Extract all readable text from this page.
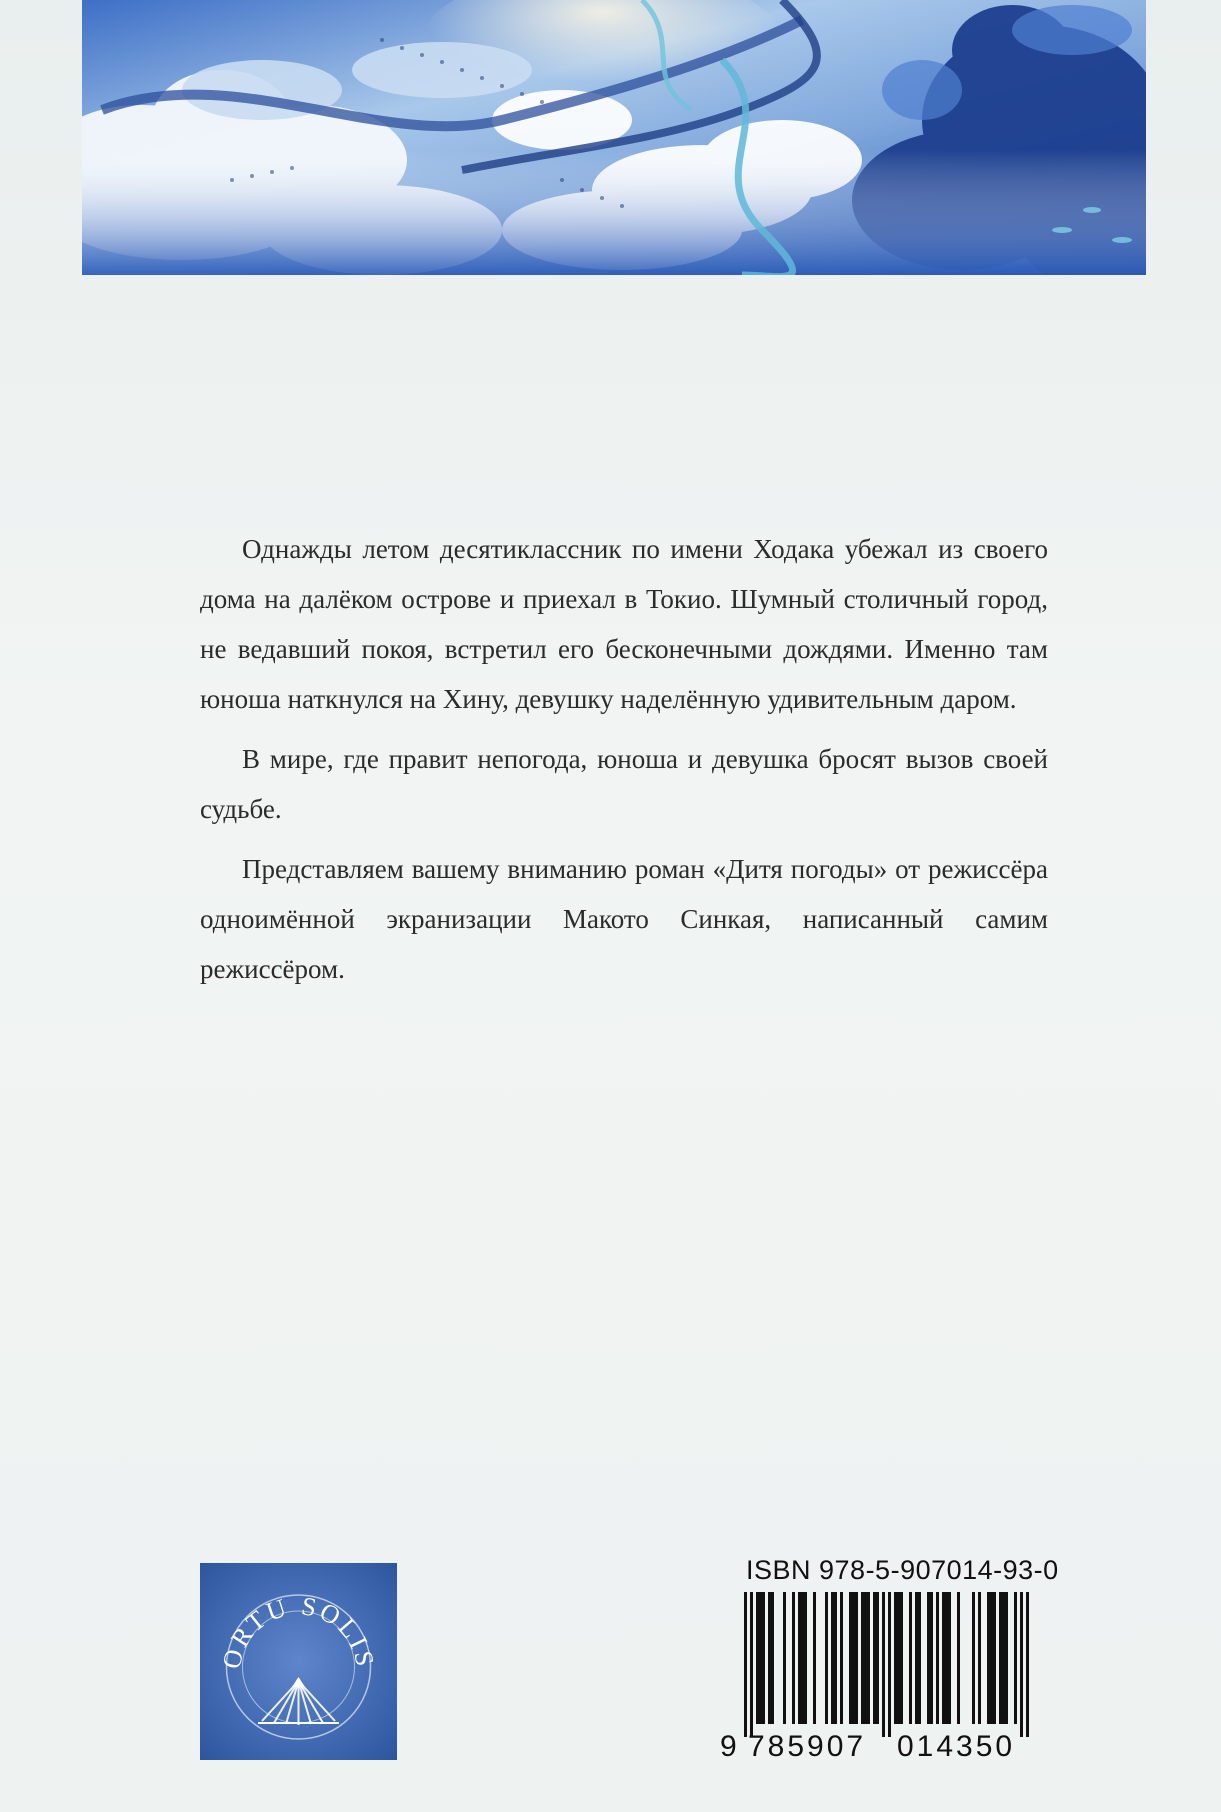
Однажды летом десятиклассник по имени Ходака убежал из своего дома на далёком острове и приехал в Токио. Шумный столичный город, не ведавший покоя, встретил его бесконечными дождями. Именно там юноша наткнулся на Хину, девушку наделённую удивительным даром.

В мире, где правит непогода, юноша и девушка бросят вызов своей судьбе.

Представляем вашему вниманию роман «Дитя погоды» от режиссёра одноимённой экранизации Макото Синкая, написанный самим режиссёром.

ORTU SOLIS
ISBN 978-5-907014-93-0
9 785907 014350
